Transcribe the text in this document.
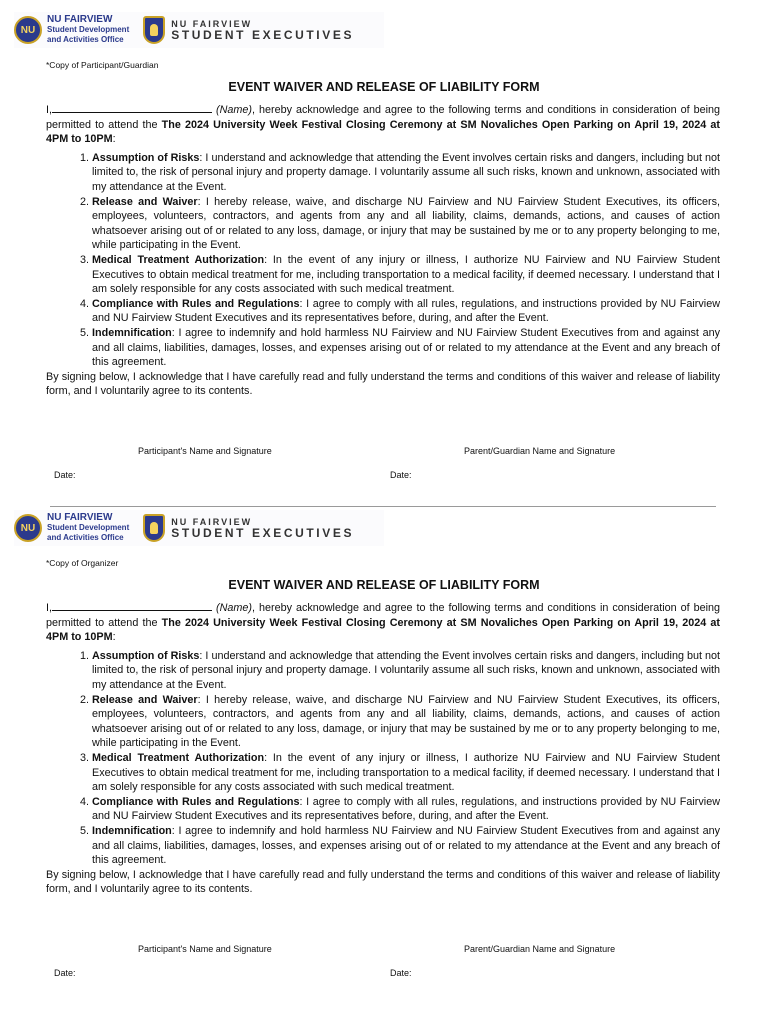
NU
NU FAIRVIEW
Student Development
and Activities Office
NU FAIRVIEW
STUDENT EXECUTIVES
*Copy of Participant/Guardian
EVENT WAIVER AND RELEASE OF LIABILITY FORM

I,	(Name), hereby acknowledge and agree to the following terms and conditions in consideration of being permitted to attend the The 2024 University Week Festival Closing Ceremony at SM Novaliches Open Parking on April 19, 2024 at 4PM to 10PM:

1. Assumption of Risks: I understand and acknowledge that attending the Event involves certain risks and dangers, including but not limited to, the risk of personal injury and property damage. I voluntarily assume all such risks, known and unknown, associated with my attendance at the Event.
2. Release and Waiver: I hereby release, waive, and discharge NU Fairview and NU Fairview Student Executives, its officers, employees, volunteers, contractors, and agents from any and all liability, claims, demands, actions, and causes of action whatsoever arising out of or related to any loss, damage, or injury that may be sustained by me or to any property belonging to me, while participating in the Event.
3. Medical Treatment Authorization: In the event of any injury or illness, I authorize NU Fairview and NU Fairview Student Executives to obtain medical treatment for me, including transportation to a medical facility, if deemed necessary. I understand that I am solely responsible for any costs associated with such medical treatment.
4. Compliance with Rules and Regulations: I agree to comply with all rules, regulations, and instructions provided by NU Fairview and NU Fairview Student Executives and its representatives before, during, and after the Event.
5. Indemnification: I agree to indemnify and hold harmless NU Fairview and NU Fairview Student Executives from and against any and all claims, liabilities, damages, losses, and expenses arising out of or related to my attendance at the Event and any breach of this agreement.

By signing below, I acknowledge that I have carefully read and fully understand the terms and conditions of this waiver and release of liability form, and I voluntarily agree to its contents.

Participant's Name and Signature	Parent/Guardian Name and Signature
Date:	Date:
NU
NU FAIRVIEW
Student Development
and Activities Office
NU FAIRVIEW
STUDENT EXECUTIVES
*Copy of Organizer
EVENT WAIVER AND RELEASE OF LIABILITY FORM

I,	(Name), hereby acknowledge and agree to the following terms and conditions in consideration of being permitted to attend the The 2024 University Week Festival Closing Ceremony at SM Novaliches Open Parking on April 19, 2024 at 4PM to 10PM:

1. Assumption of Risks: I understand and acknowledge that attending the Event involves certain risks and dangers, including but not limited to, the risk of personal injury and property damage. I voluntarily assume all such risks, known and unknown, associated with my attendance at the Event.
2. Release and Waiver: I hereby release, waive, and discharge NU Fairview and NU Fairview Student Executives, its officers, employees, volunteers, contractors, and agents from any and all liability, claims, demands, actions, and causes of action whatsoever arising out of or related to any loss, damage, or injury that may be sustained by me or to any property belonging to me, while participating in the Event.
3. Medical Treatment Authorization: In the event of any injury or illness, I authorize NU Fairview and NU Fairview Student Executives to obtain medical treatment for me, including transportation to a medical facility, if deemed necessary. I understand that I am solely responsible for any costs associated with such medical treatment.
4. Compliance with Rules and Regulations: I agree to comply with all rules, regulations, and instructions provided by NU Fairview and NU Fairview Student Executives and its representatives before, during, and after the Event.
5. Indemnification: I agree to indemnify and hold harmless NU Fairview and NU Fairview Student Executives from and against any and all claims, liabilities, damages, losses, and expenses arising out of or related to my attendance at the Event and any breach of this agreement.

By signing below, I acknowledge that I have carefully read and fully understand the terms and conditions of this waiver and release of liability form, and I voluntarily agree to its contents.

Participant's Name and Signature	Parent/Guardian Name and Signature
Date:	Date:
